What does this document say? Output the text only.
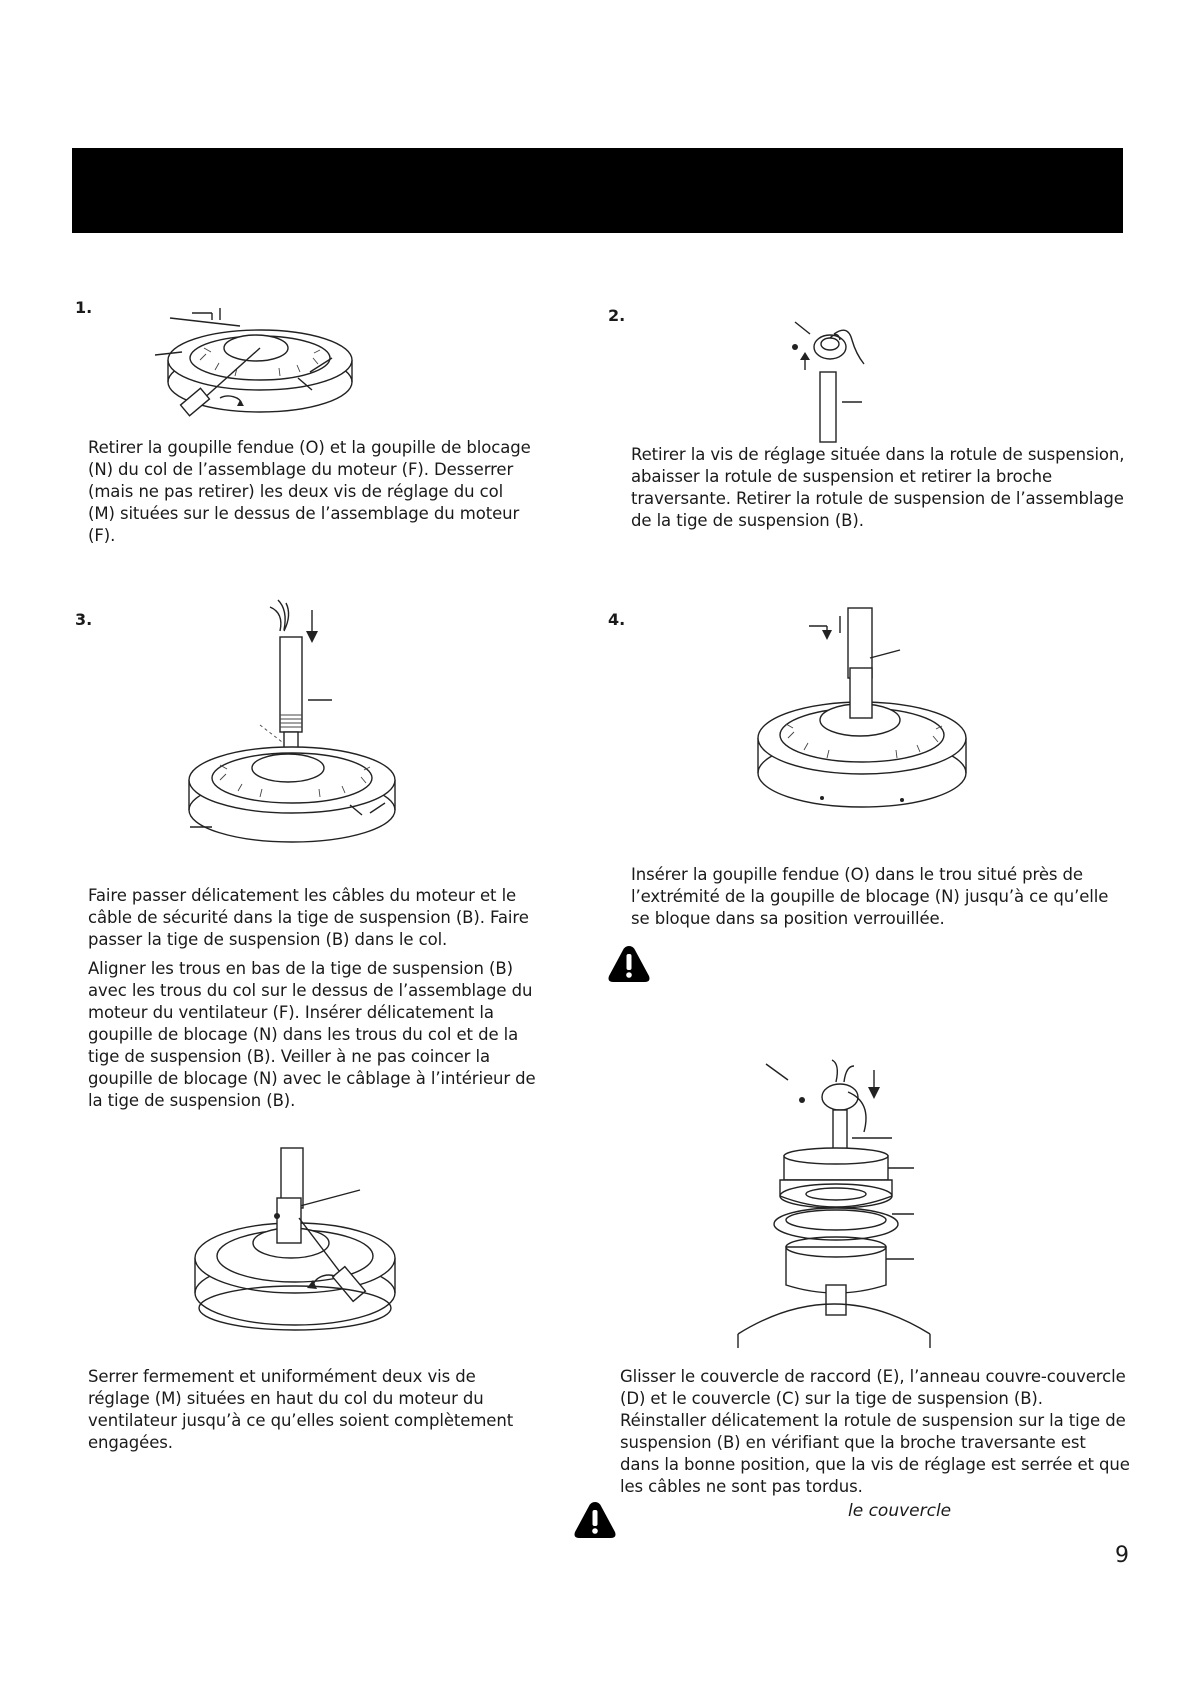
1.
Retirer la goupille fendue (O) et la goupille de blocage (N) du col de l’assemblage du moteur (F). Desserrer (mais ne pas retirer) les deux vis de réglage du col (M) situées sur le dessus de l’assemblage du moteur (F).
2.
Retirer la vis de réglage située dans la rotule de suspension, abaisser la rotule de suspension et retirer la broche traversante. Retirer la rotule de suspension de l’assemblage de la tige de suspension (B).
3.
Faire passer délicatement les câbles du moteur et le câble de sécurité dans la tige de suspension (B). Faire passer la tige de suspension (B) dans le col.
Aligner les trous en bas de la tige de suspension (B) avec les trous du col sur le dessus de l’assemblage du moteur du ventilateur (F). Insérer délicatement la goupille de blocage (N) dans les trous du col et de la tige de suspension (B). Veiller à ne pas coincer la goupille de blocage (N) avec le câblage à l’intérieur de la tige de suspension (B).
4.
Insérer la goupille fendue (O) dans le trou situé près de l’extrémité de la goupille de blocage (N) jusqu’à ce qu’elle se bloque dans sa position verrouillée.
Serrer fermement et uniformément deux vis de réglage (M) situées en haut du col du moteur du ventilateur jusqu’à ce qu’elles soient complètement engagées.
Glisser le couvercle de raccord (E), l’anneau couvre-couvercle (D) et le couvercle (C) sur la tige de suspension (B). Réinstaller délicatement la rotule de suspension sur la tige de suspension (B) en vérifiant que la broche traversante est dans la bonne position, que la vis de réglage est serrée et que les câbles ne sont pas tordus.
le couvercle
9
